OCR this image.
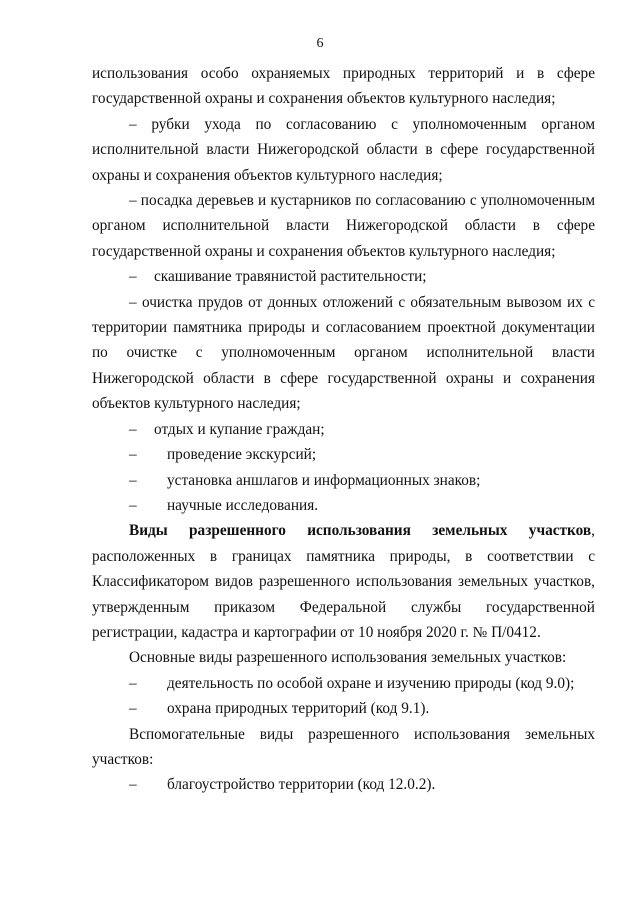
6

использования особо охраняемых природных территорий и в сфере государственной охраны и сохранения объектов культурного наследия;

– рубки ухода по согласованию с уполномоченным органом исполнительной власти Нижегородской области в сфере государственной охраны и сохранения объектов культурного наследия;

– посадка деревьев и кустарников по согласованию с уполномоченным органом исполнительной власти Нижегородской области в сфере государственной охраны и сохранения объектов культурного наследия;

– скашивание травянистой растительности;

– очистка прудов от донных отложений с обязательным вывозом их с территории памятника природы и согласованием проектной документации по очистке с уполномоченным органом исполнительной власти Нижегородской области в сфере государственной охраны и сохранения объектов культурного наследия;

– отдых и купание граждан;

– проведение экскурсий;

– установка аншлагов и информационных знаков;

– научные исследования.

Виды разрешенного использования земельных участков, расположенных в границах памятника природы, в соответствии с Классификатором видов разрешенного использования земельных участков, утвержденным приказом Федеральной службы государственной регистрации, кадастра и картографии от 10 ноября 2020 г. № П/0412.

Основные виды разрешенного использования земельных участков:

– деятельность по особой охране и изучению природы (код 9.0);

– охрана природных территорий (код 9.1).

Вспомогательные виды разрешенного использования земельных участков:

– благоустройство территории (код 12.0.2).
